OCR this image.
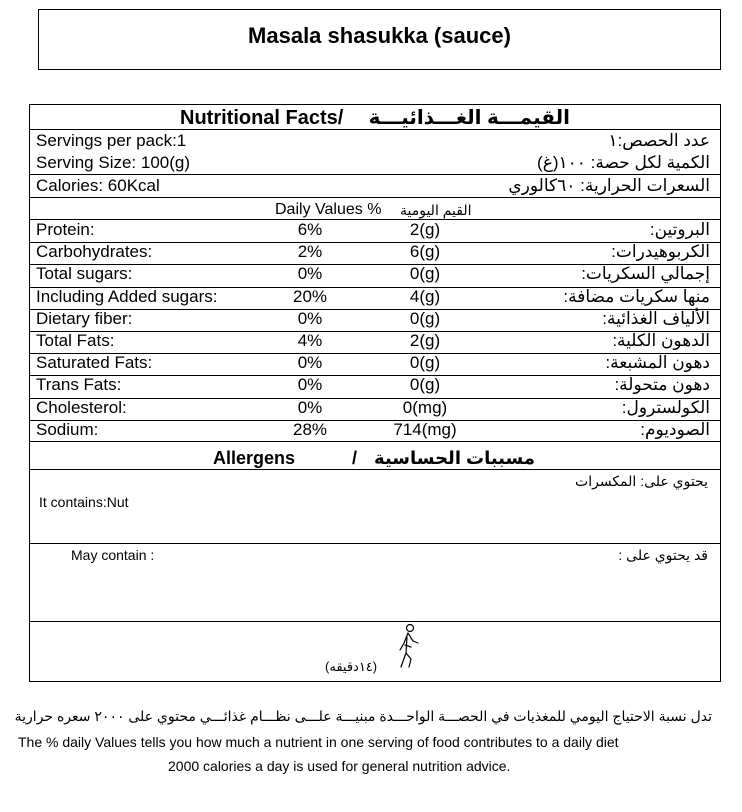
Masala shasukka (sauce)
Nutritional Facts/ القيمـــة الغـــذائيـــة
Servings per pack:1	عدد الحصص:١
Serving Size: 100(g)	الكمية لكل حصة: ١٠٠(غ)
Calories: 60Kcal	السعرات الحرارية: ٦٠كالوري
Daily Values % القيم اليومية
Protein:	6%	2(g)	البروتين:
Carbohydrates:	2%	6(g)	الكربوهيدرات:
Total sugars:	0%	0(g)	إجمالي السكريات:
Including Added sugars:	20%	4(g)	منها سكريات مضافة:
Dietary fiber:	0%	0(g)	الألياف الغذائية:
Total Fats:	4%	2(g)	الدهون الكلية:
Saturated Fats:	0%	0(g)	دهون المشبعة:
Trans Fats:	0%	0(g)	دهون متحولة:
Cholesterol:	0%	0(mg)	الكولسترول:
Sodium:	28%	714(mg)	الصوديوم:
Allergens	/ مسببات الحساسية
يحتوي على: المكسرات
It contains:Nut
May contain :	قد يحتوي على :
(١٤دقيقه)
تدل نسبة الاحتياج اليومي للمغذيات في الحصـــة الواحـــدة مبنيـــة علـــى نظـــام غذائـــي محتوي على ٢٠٠٠ سعره حرارية
The % daily Values tells you how much a nutrient in one serving of food contributes to a daily diet
2000 calories a day is used for general nutrition advice.
